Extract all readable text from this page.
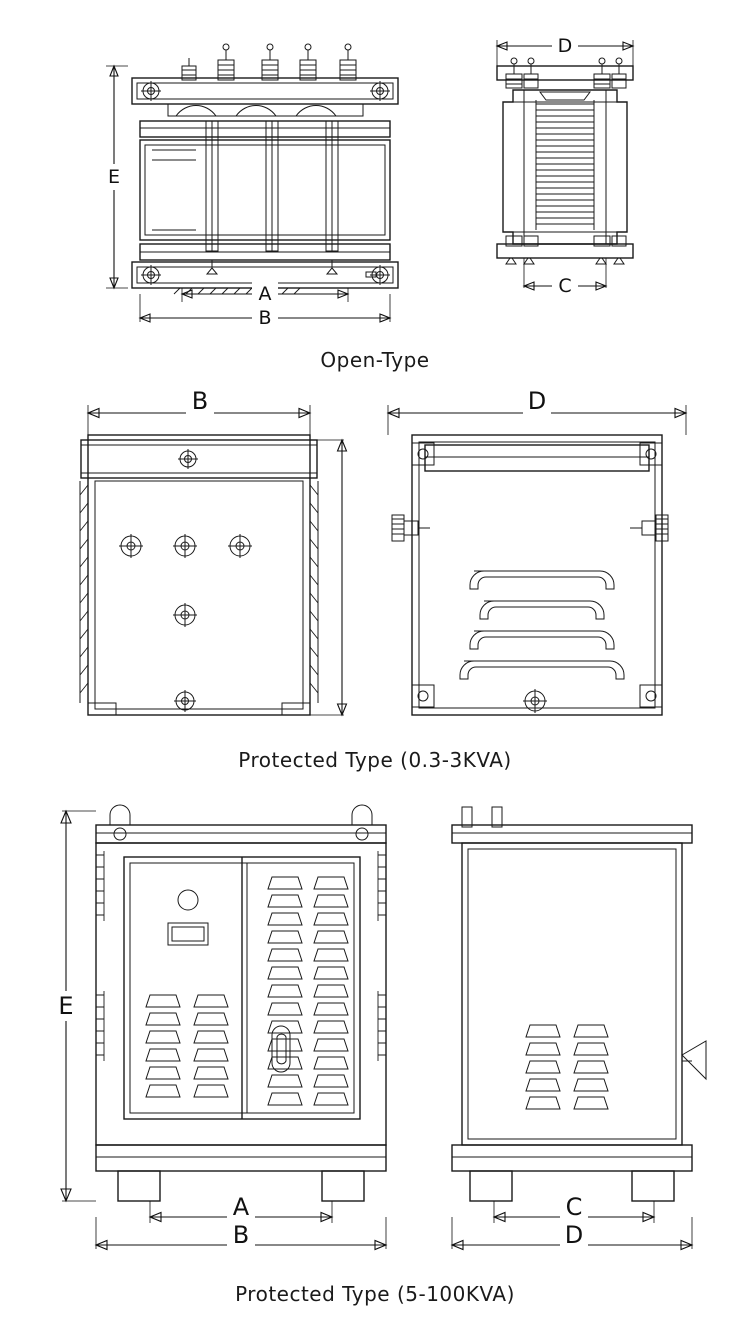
E
A
B
D
C
Open-Type
B	D
Protected Type (0.3-3KVA)
E
A
B
C
D
Protected Type (5-100KVA)
